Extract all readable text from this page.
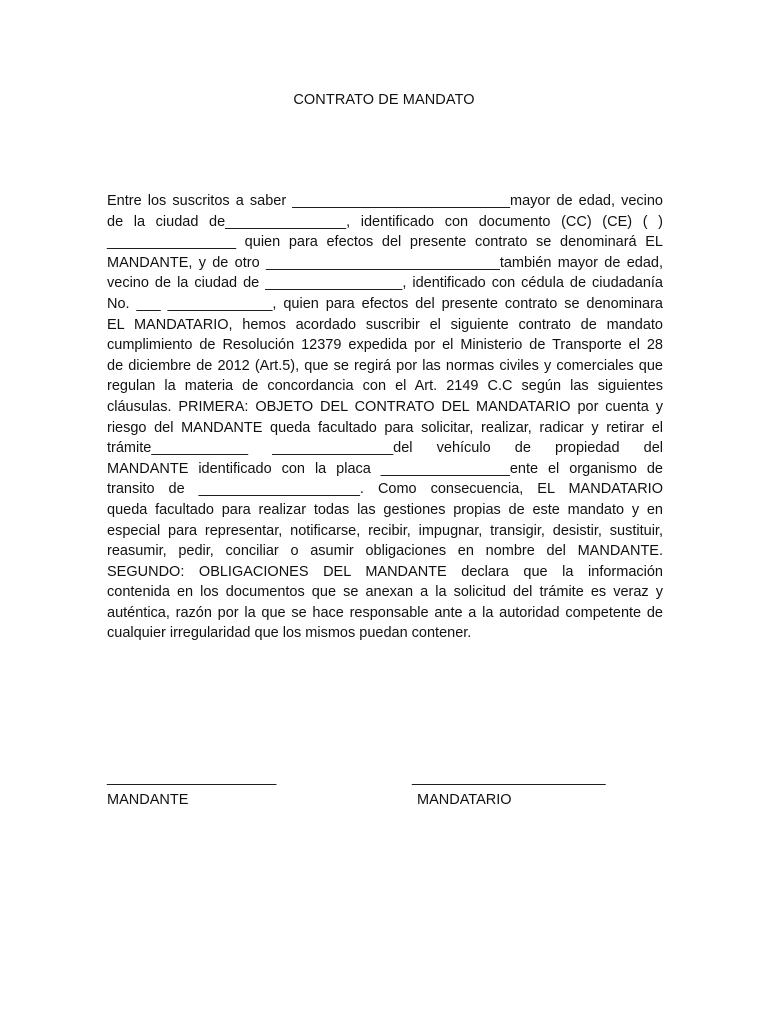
CONTRATO DE MANDATO
Entre los suscritos a saber ___________________________mayor de edad, vecino
de la ciudad de_______________, identificado con documento (CC) (CE) ( )
________________ quien para efectos del presente contrato se denominará EL
MANDANTE, y de otro _____________________________también mayor de edad,
vecino de la ciudad de _________________, identificado con cédula de ciudadanía
No. ___ _____________, quien para efectos del presente contrato se denominara
EL MANDATARIO, hemos acordado suscribir el siguiente contrato de mandato
cumplimiento de Resolución 12379 expedida por el Ministerio de Transporte el 28
de diciembre de 2012 (Art.5), que se regirá por las normas civiles y comerciales que
regulan la materia de concordancia con el Art. 2149 C.C según las siguientes
cláusulas. PRIMERA: OBJETO DEL CONTRATO DEL MANDATARIO por cuenta y
riesgo del MANDANTE queda facultado para solicitar, realizar, radicar y retirar el
trámite____________ _______________del vehículo de propiedad del
MANDANTE identificado con la placa ________________ente el organismo de
transito de ____________________. Como consecuencia, EL MANDATARIO
queda facultado para realizar todas las gestiones propias de este mandato y en
especial para representar, notificarse, recibir, impugnar, transigir, desistir, sustituir,
reasumir, pedir, conciliar o asumir obligaciones en nombre del MANDANTE.
SEGUNDO: OBLIGACIONES DEL MANDANTE declara que la información
contenida en los documentos que se anexan a la solicitud del trámite es veraz y
auténtica, razón por la que se hace responsable ante a la autoridad competente de
cualquier irregularidad que los mismos puedan contener.
_____________________	________________________
MANDANTE	MANDATARIO
